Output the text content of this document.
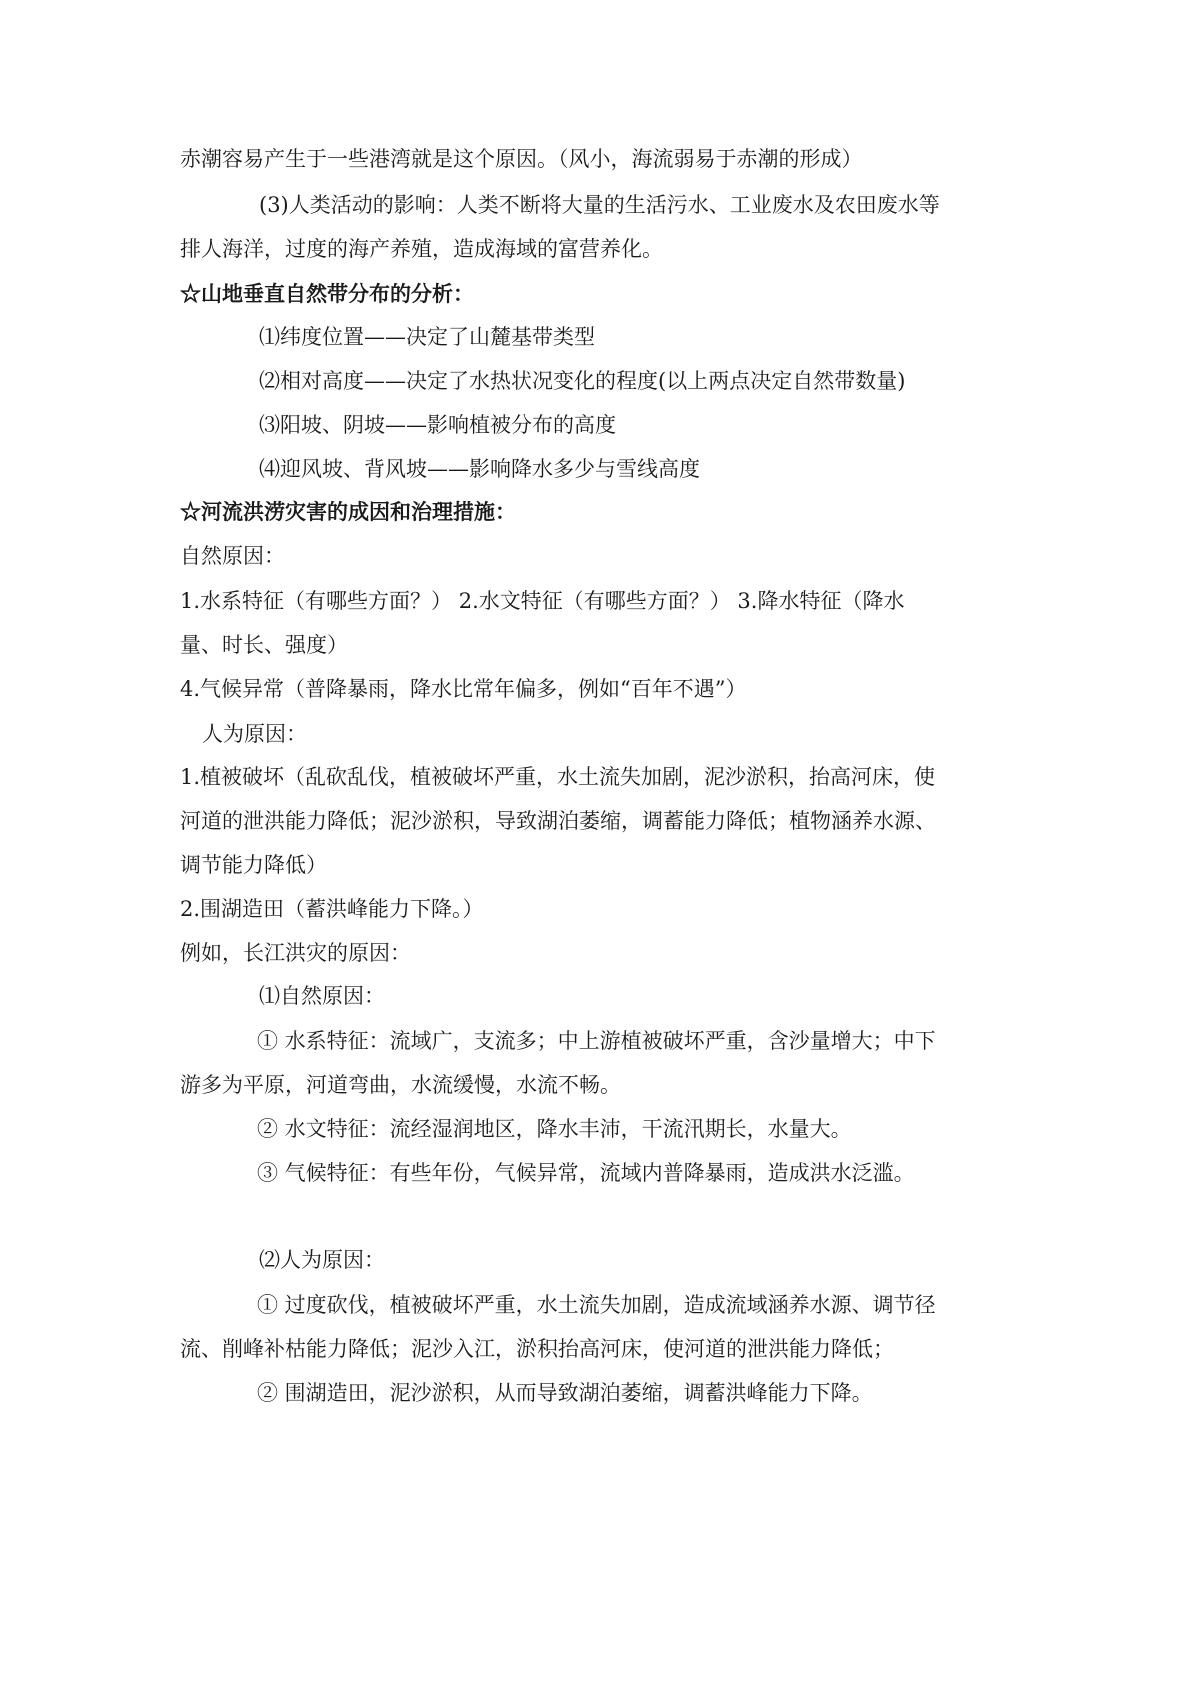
赤潮容易产生于一些港湾就是这个原因。（风小，海流弱易于赤潮的形成）
(3)人类活动的影响：人类不断将大量的生活污水、工业废水及农田废水等
排人海洋，过度的海产养殖，造成海域的富营养化。
☆山地垂直自然带分布的分析：
⑴纬度位置——决定了山麓基带类型
⑵相对高度——决定了水热状况变化的程度(以上两点决定自然带数量)
⑶阳坡、阴坡——影响植被分布的高度
⑷迎风坡、背风坡——影响降水多少与雪线高度
☆河流洪涝灾害的成因和治理措施：
自然原因：
1.水系特征（有哪些方面？） 2.水文特征（有哪些方面？） 3.降水特征（降水
量、时长、强度）
4.气候异常（普降暴雨，降水比常年偏多，例如“百年不遇”）
人为原因：
1.植被破坏（乱砍乱伐，植被破坏严重，水土流失加剧，泥沙淤积，抬高河床，使
河道的泄洪能力降低；泥沙淤积，导致湖泊萎缩，调蓄能力降低；植物涵养水源、
调节能力降低）
2.围湖造田（蓄洪峰能力下降。）
例如，长江洪灾的原因：
⑴自然原因：
① 水系特征：流域广，支流多；中上游植被破坏严重，含沙量增大；中下
游多为平原，河道弯曲，水流缓慢，水流不畅。
② 水文特征：流经湿润地区，降水丰沛，干流汛期长，水量大。
③ 气候特征：有些年份，气候异常，流域内普降暴雨，造成洪水泛滥。
⑵人为原因：
① 过度砍伐，植被破坏严重，水土流失加剧，造成流域涵养水源、调节径
流、削峰补枯能力降低；泥沙入江，淤积抬高河床，使河道的泄洪能力降低；
② 围湖造田，泥沙淤积，从而导致湖泊萎缩，调蓄洪峰能力下降。
